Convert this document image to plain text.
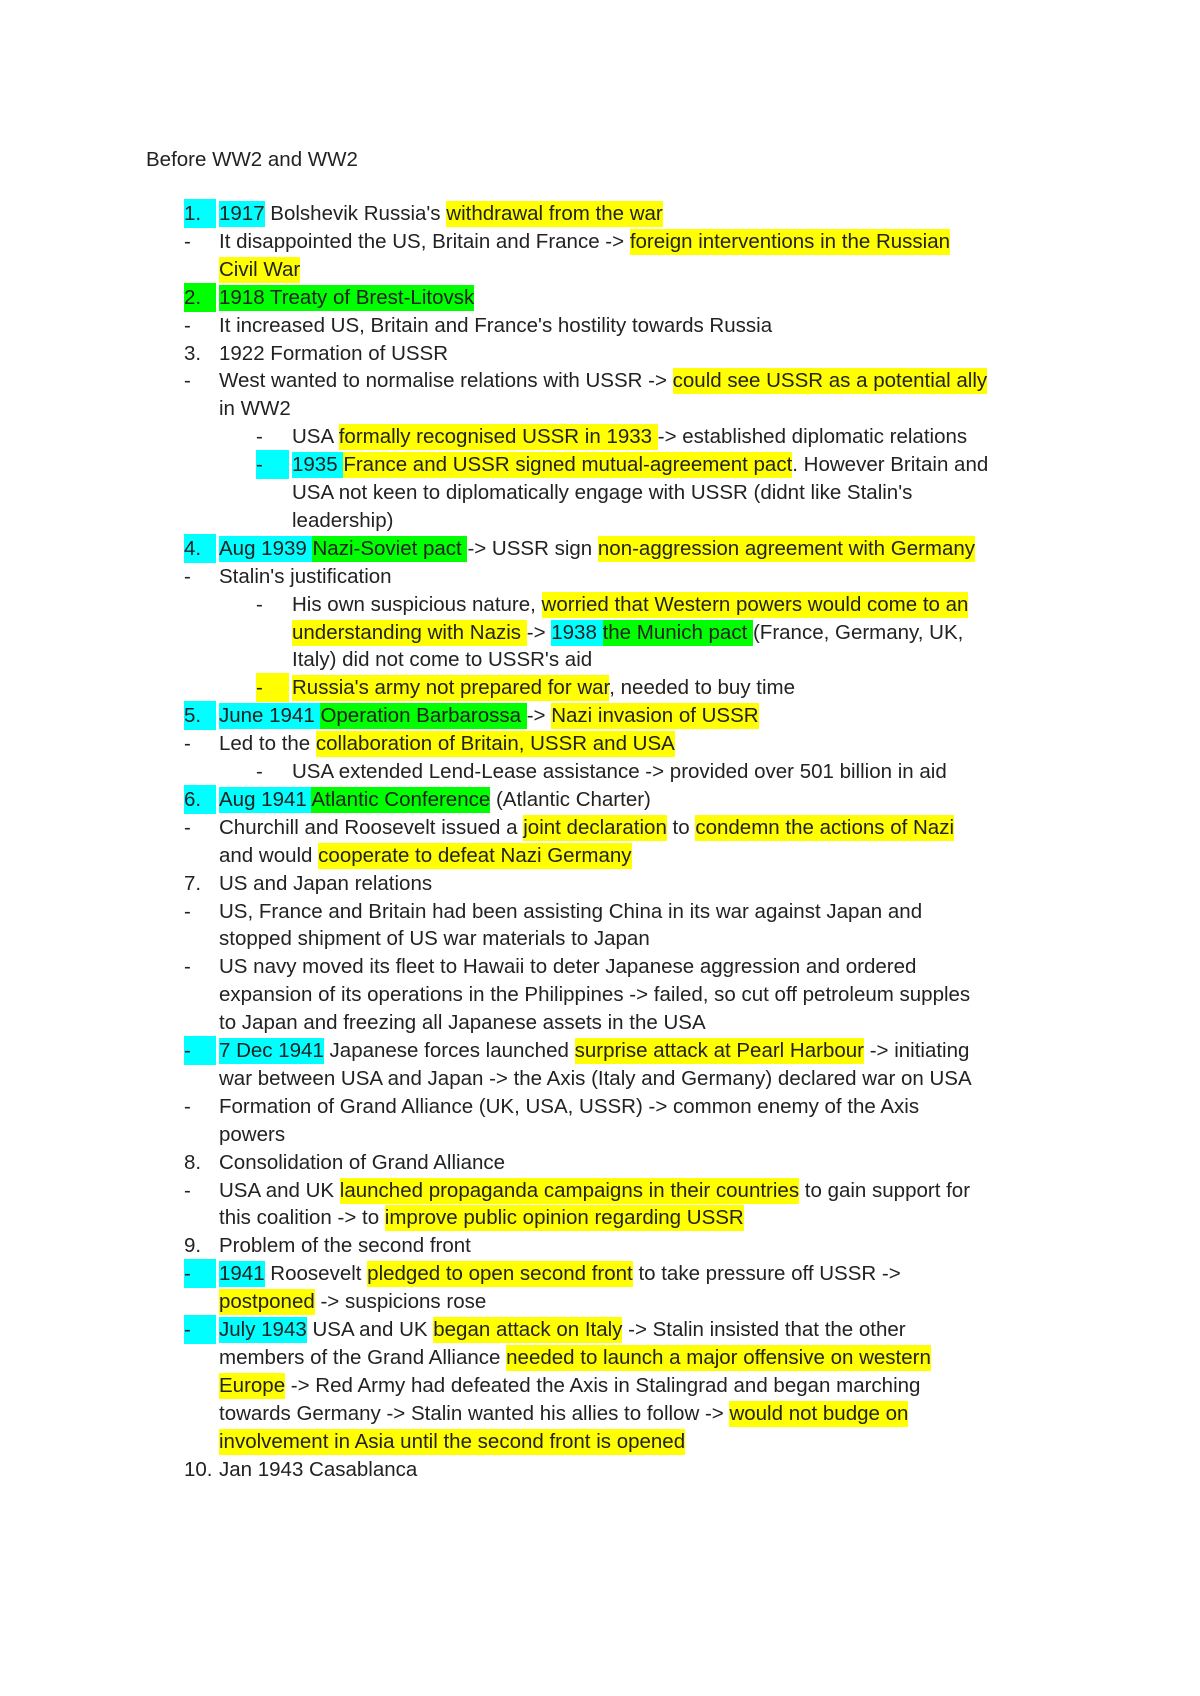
Before WW2 and WW2
1. 1917 Bolshevik Russia's withdrawal from the war
- It disappointed the US, Britain and France -> foreign interventions in the Russian
Civil War
2. 1918 Treaty of Brest-Litovsk
- It increased US, Britain and France's hostility towards Russia
3. 1922 Formation of USSR
- West wanted to normalise relations with USSR -> could see USSR as a potential ally
in WW2
- USA formally recognised USSR in 1933 -> established diplomatic relations
-	1935 France and USSR signed mutual-agreement pact. However Britain and
USA not keen to diplomatically engage with USSR (didnt like Stalin's
leadership)
4. Aug 1939 Nazi-Soviet pact -> USSR sign non-aggression agreement with Germany
- Stalin's justification
- His own suspicious nature, worried that Western powers would come to an
understanding with Nazis -> 1938 the Munich pact (France, Germany, UK,
Italy) did not come to USSR's aid
-	Russia's army not prepared for war, needed to buy time
5. June 1941 Operation Barbarossa -> Nazi invasion of USSR
- Led to the collaboration of Britain, USSR and USA
- USA extended Lend-Lease assistance -> provided over 501 billion in aid
6. Aug 1941 Atlantic Conference (Atlantic Charter)
- Churchill and Roosevelt issued a joint declaration to condemn the actions of Nazi
and would cooperate to defeat Nazi Germany
7. US and Japan relations
- US, France and Britain had been assisting China in its war against Japan and
stopped shipment of US war materials to Japan
- US navy moved its fleet to Hawaii to deter Japanese aggression and ordered
expansion of its operations in the Philippines -> failed, so cut off petroleum supples
to Japan and freezing all Japanese assets in the USA
-	7 Dec 1941 Japanese forces launched surprise attack at Pearl Harbour -> initiating
war between USA and Japan -> the Axis (Italy and Germany) declared war on USA
- Formation of Grand Alliance (UK, USA, USSR) -> common enemy of the Axis
powers
8. Consolidation of Grand Alliance
- USA and UK launched propaganda campaigns in their countries to gain support for
this coalition -> to improve public opinion regarding USSR
9. Problem of the second front
-	1941 Roosevelt pledged to open second front to take pressure off USSR ->
postponed -> suspicions rose
-	July 1943 USA and UK began attack on Italy -> Stalin insisted that the other
members of the Grand Alliance needed to launch a major offensive on western
Europe -> Red Army had defeated the Axis in Stalingrad and began marching
towards Germany -> Stalin wanted his allies to follow -> would not budge on
involvement in Asia until the second front is opened
10. Jan 1943 Casablanca
